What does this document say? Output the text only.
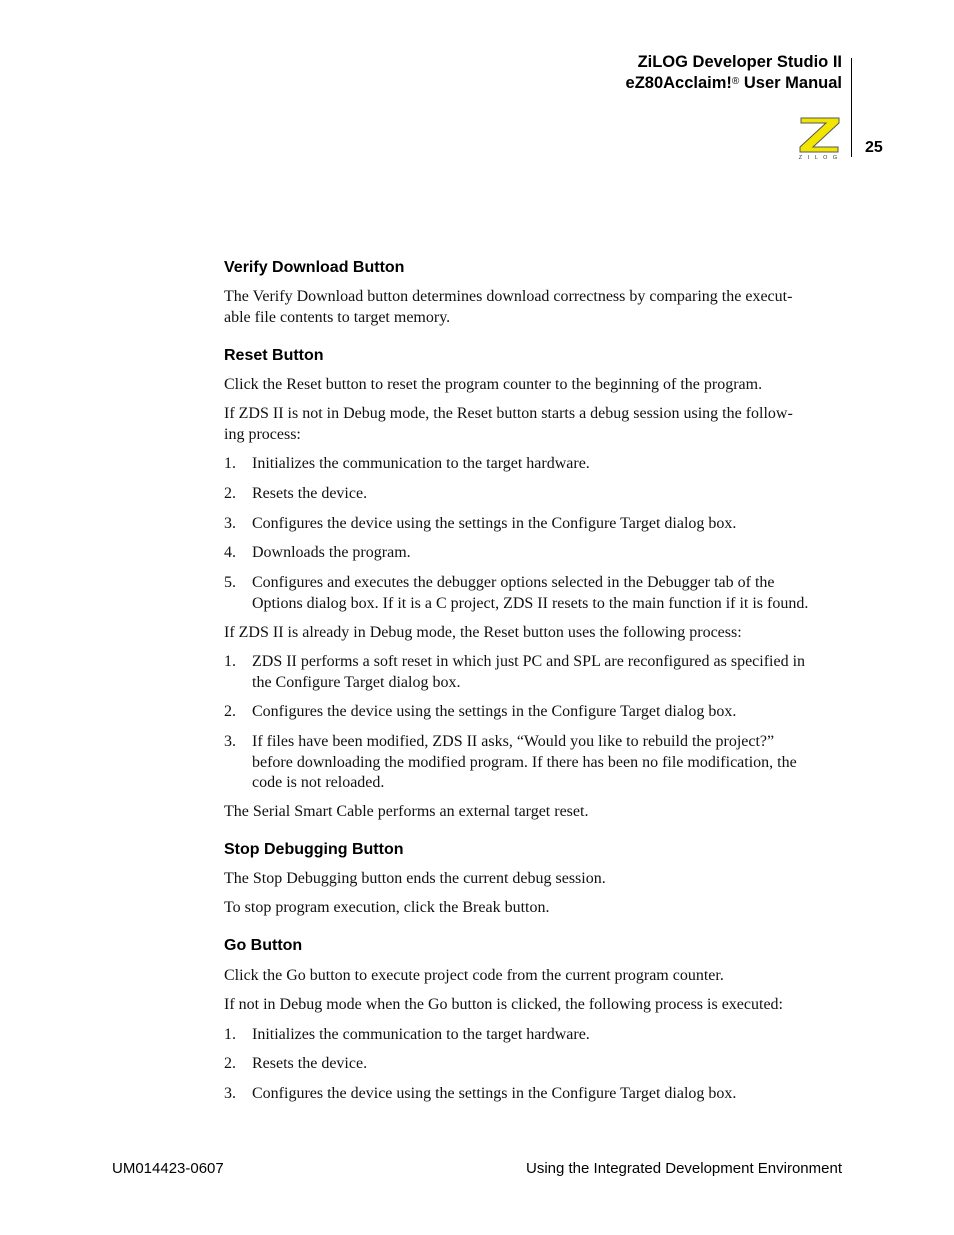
ZiLOG Developer Studio II
eZ80Acclaim!® User Manual
25
Z I L O G
Verify Download Button
The Verify Download button determines download correctness by comparing the execut-
able file contents to target memory.
Reset Button
Click the Reset button to reset the program counter to the beginning of the program.
If ZDS II is not in Debug mode, the Reset button starts a debug session using the follow-
ing process:
1. Initializes the communication to the target hardware.
2. Resets the device.
3. Configures the device using the settings in the Configure Target dialog box.
4. Downloads the program.
5. Configures and executes the debugger options selected in the Debugger tab of the
Options dialog box. If it is a C project, ZDS II resets to the main function if it is found.
If ZDS II is already in Debug mode, the Reset button uses the following process:
1. ZDS II performs a soft reset in which just PC and SPL are reconfigured as specified in
the Configure Target dialog box.
2. Configures the device using the settings in the Configure Target dialog box.
3. If files have been modified, ZDS II asks, “Would you like to rebuild the project?”
before downloading the modified program. If there has been no file modification, the
code is not reloaded.
The Serial Smart Cable performs an external target reset.
Stop Debugging Button
The Stop Debugging button ends the current debug session.
To stop program execution, click the Break button.
Go Button
Click the Go button to execute project code from the current program counter.
If not in Debug mode when the Go button is clicked, the following process is executed:
1. Initializes the communication to the target hardware.
2. Resets the device.
3. Configures the device using the settings in the Configure Target dialog box.
UM014423-0607	Using the Integrated Development Environment
